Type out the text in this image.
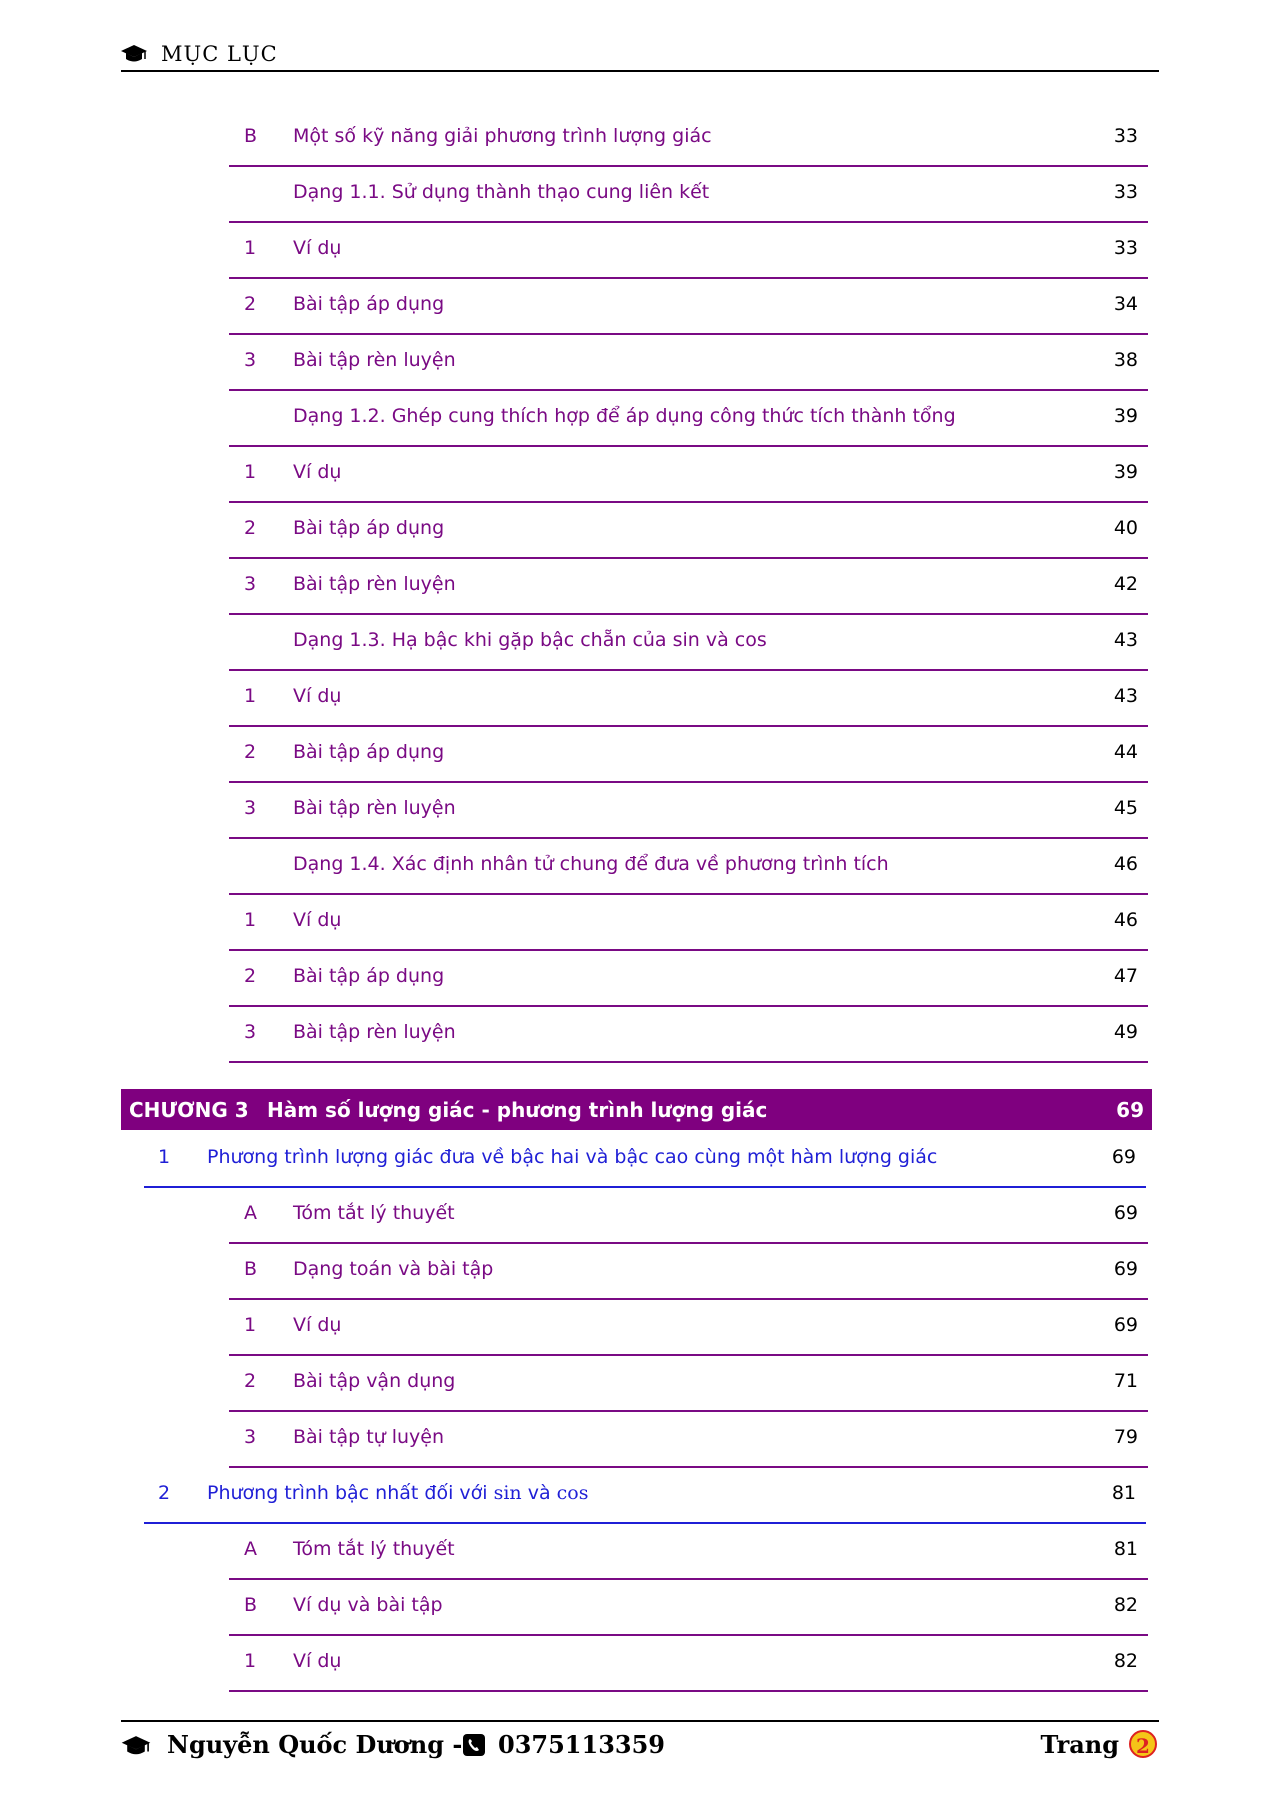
MỤC LỤC
B Một số kỹ năng giải phương trình lượng giác	33
Dạng 1.1. Sử dụng thành thạo cung liên kết	33
1 Ví dụ	33
2 Bài tập áp dụng	34
3 Bài tập rèn luyện	38
Dạng 1.2. Ghép cung thích hợp để áp dụng công thức tích thành tổng	39
1 Ví dụ	39
2 Bài tập áp dụng	40
3 Bài tập rèn luyện	42
Dạng 1.3. Hạ bậc khi gặp bậc chẵn của sin và cos	43
1 Ví dụ	43
2 Bài tập áp dụng	44
3 Bài tập rèn luyện	45
Dạng 1.4. Xác định nhân tử chung để đưa về phương trình tích	46
1 Ví dụ	46
2 Bài tập áp dụng	47
3 Bài tập rèn luyện	49
CHƯƠNG 3 Hàm số lượng giác - phương trình lượng giác	69
1 Phương trình lượng giác đưa về bậc hai và bậc cao cùng một hàm lượng giác	69
A Tóm tắt lý thuyết	69
B Dạng toán và bài tập	69
1 Ví dụ	69
2 Bài tập vận dụng	71
3 Bài tập tự luyện	79
2 Phương trình bậc nhất đối với sin và cos	81
A Tóm tắt lý thuyết	81
B Ví dụ và bài tập	82
1 Ví dụ	82
Nguyễn Quốc Dương - 0375113359	Trang 2
